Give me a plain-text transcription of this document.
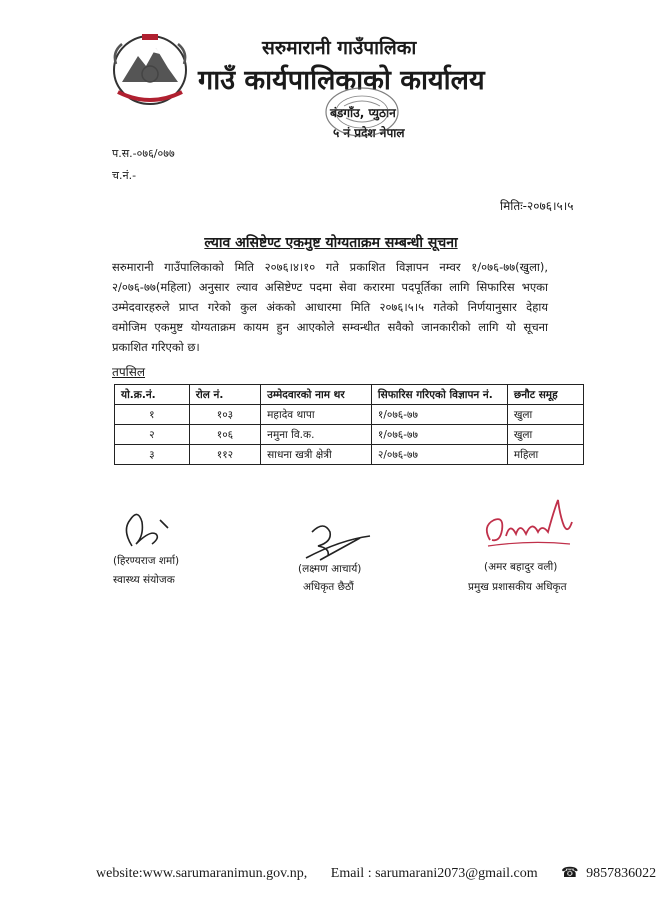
सरुमारानी गाउँपालिका
गाउँ कार्यपालिकाको कार्यालय
बंडगाँउ, प्युठान
५ नं प्रदेश नेपाल
प.स.-०७६/०७७
च.नं.-
मितिः-२०७६।५।५
ल्याव असिष्टेण्ट एकमुष्ट योग्यताक्रम सम्बन्धी सूचना
सरुमारानी गाउँपालिकाको मिति २०७६।४।१० गते प्रकाशित विज्ञापन नम्वर १/०७६-७७(खुला),
२/०७६-७७(महिला) अनुसार ल्याव असिष्टेण्ट पदमा सेवा करारमा पदपूर्तिका लागि सिफारिस भएका
उम्मेदवारहरुले प्राप्त गरेको कुल अंकको आधारमा मिति २०७६।५।५ गतेको निर्णयानुसार देहाय
वमोजिम एकमुष्ट योग्यताक्रम कायम हुन आएकोले सम्वन्धीत सवैको जानकारीको लागि यो सूचना
प्रकाशित गरिएको छ।
तपसिल
यो.क्र.नं.	रोल नं.	उम्मेदवारको नाम थर	सिफारिस गरिएको विज्ञापन नं.	छनौट समूह
१	१०३	महादेव थापा	१/०७६-७७	खुला
२	१०६	नमुना वि.क.	१/०७६-७७	खुला
३	११२	साधना खत्री क्षेत्री	२/०७६-७७	महिला
(हिरण्यराज शर्मा)
स्वास्थ्य संयोजक
(लक्ष्मण आचार्य)
अधिकृत छैठौं
(अमर बहादुर वली)
प्रमुख प्रशासकीय अधिकृत
website:www.sarumaranimun.gov.np, Email : sarumarani2073@gmail.com ☎ 9857836022
